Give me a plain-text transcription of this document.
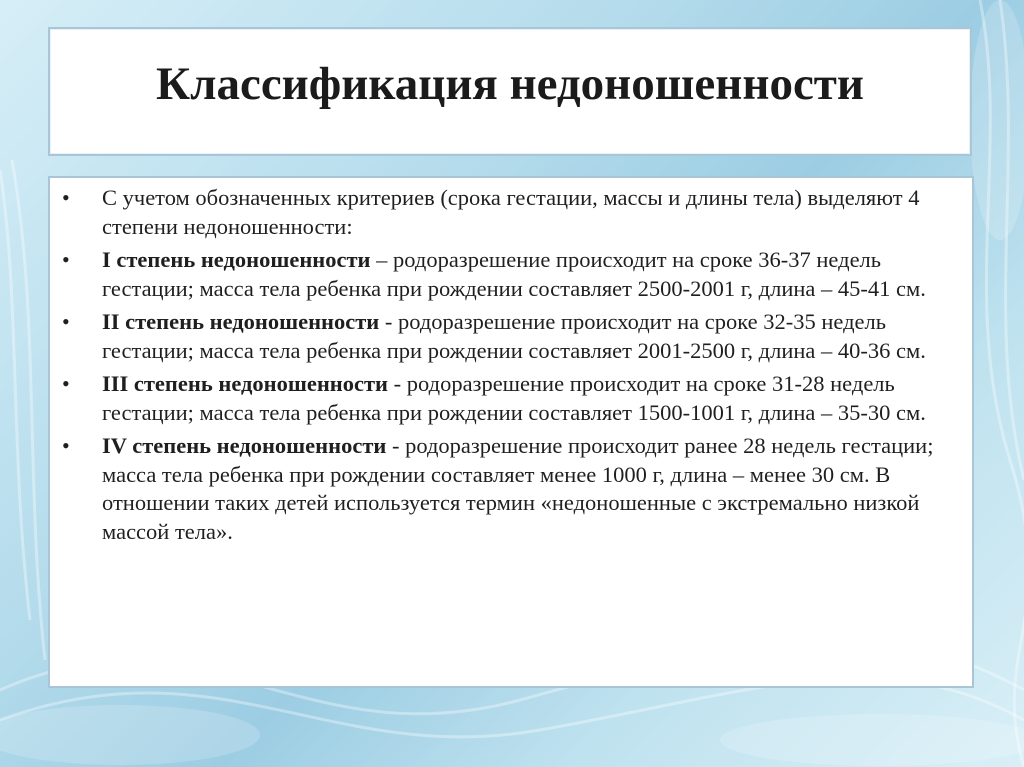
Классификация недоношенности
• С учетом обозначенных критериев (срока гестации, массы и длины тела) выделяют 4 степени недоношенности:
• I степень недоношенности – родоразрешение происходит на сроке 36-37 недель гестации; масса тела ребенка при рождении составляет 2500-2001 г, длина – 45-41 см.
• II степень недоношенности - родоразрешение происходит на сроке 32-35 недель гестации; масса тела ребенка при рождении составляет 2001-2500 г, длина – 40-36 см.
• III степень недоношенности - родоразрешение происходит на сроке 31-28 недель гестации; масса тела ребенка при рождении составляет 1500-1001 г, длина – 35-30 см.
• IV степень недоношенности - родоразрешение происходит ранее 28 недель гестации; масса тела ребенка при рождении составляет менее 1000 г, длина – менее 30 см. В отношении таких детей используется термин «недоношенные с экстремально низкой массой тела».
